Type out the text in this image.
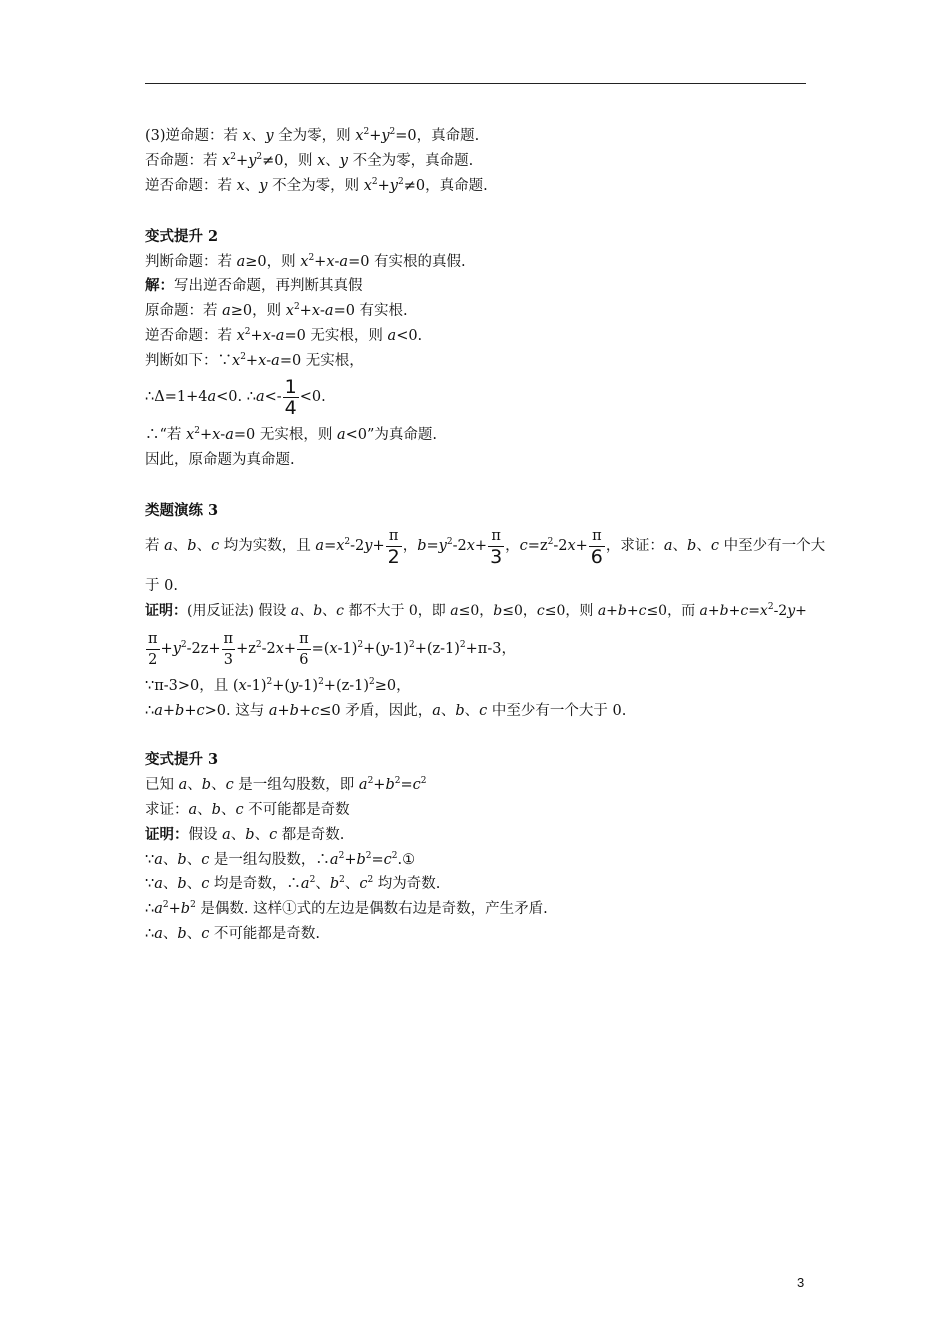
(3)逆命题：若 x、y 全为零，则 $x^2+y^2=0$，真命题.
否命题：若 $x^2+y^2\ne 0$，则 x、y 不全为零，真命题.
逆否命题：若 x、y 不全为零，则 $x^2+y^2\ne 0$，真命题.
变式提升 2
判断命题：若 a≥0，则 $x^2+x-a=0$ 有实根的真假.
解：写出逆否命题，再判断其真假
原命题：若 a≥0，则 $x^2+x-a=0$ 有实根.
逆否命题：若 $x^2+x-a=0$ 无实根，则 a<0.
判断如下：$\because x^2+x-a=0$ 无实根，
∴Δ=1+4a<0. ∴a<- $\frac{1}{4} <0$.
∴“若 $x^2+x-a=0$ 无实根，则 a<0”为真命题.
因此，原命题为真命题.
类题演练 3
若 a、b、c 均为实数，且 $a=x^2-2y+ \frac{\pi}{2}$ ，$b=y^2-2x+ \frac{\pi}{3}$ ，$c=z^2-2x+ \frac{\pi}{6}$ ，求证：a、b、c 中至少有一个大
于 0.
证明：(用反证法) 假设 a、b、c 都不大于 0，即 a≤0，b≤0，c≤0，则 a+b+c≤0，而 $a+b+c=x^2-2y+$
$\frac{\pi}{2} +y^2-2z+ \frac{\pi}{3} +z^2-2x+ \frac{\pi}{6} =(x-1)^2+(y-1)^2+(z-1)^2+\pi-3$，
∵π-3>0，且 $(x-1)^2+(y-1)^2+(z-1)^2\ge 0$，
∴a+b+c>0. 这与 a+b+c≤0 矛盾，因此，a、b、c 中至少有一个大于 0.
变式提升 3
已知 a、b、c 是一组勾股数，即 $a^2+b^2=c^2$
求证：a、b、c 不可能都是奇数
证明：假设 a、b、c 都是奇数.
∵a、b、c 是一组勾股数，$\therefore a^2+b^2=c^2.①$
∵a、b、c 均是奇数，$\therefore a^2$、$b^2$、$c^2$ 均为奇数.
$\therefore a^2+b^2$ 是偶数. 这样①式的左边是偶数右边是奇数，产生矛盾.
∴a、b、c 不可能都是奇数.
3
